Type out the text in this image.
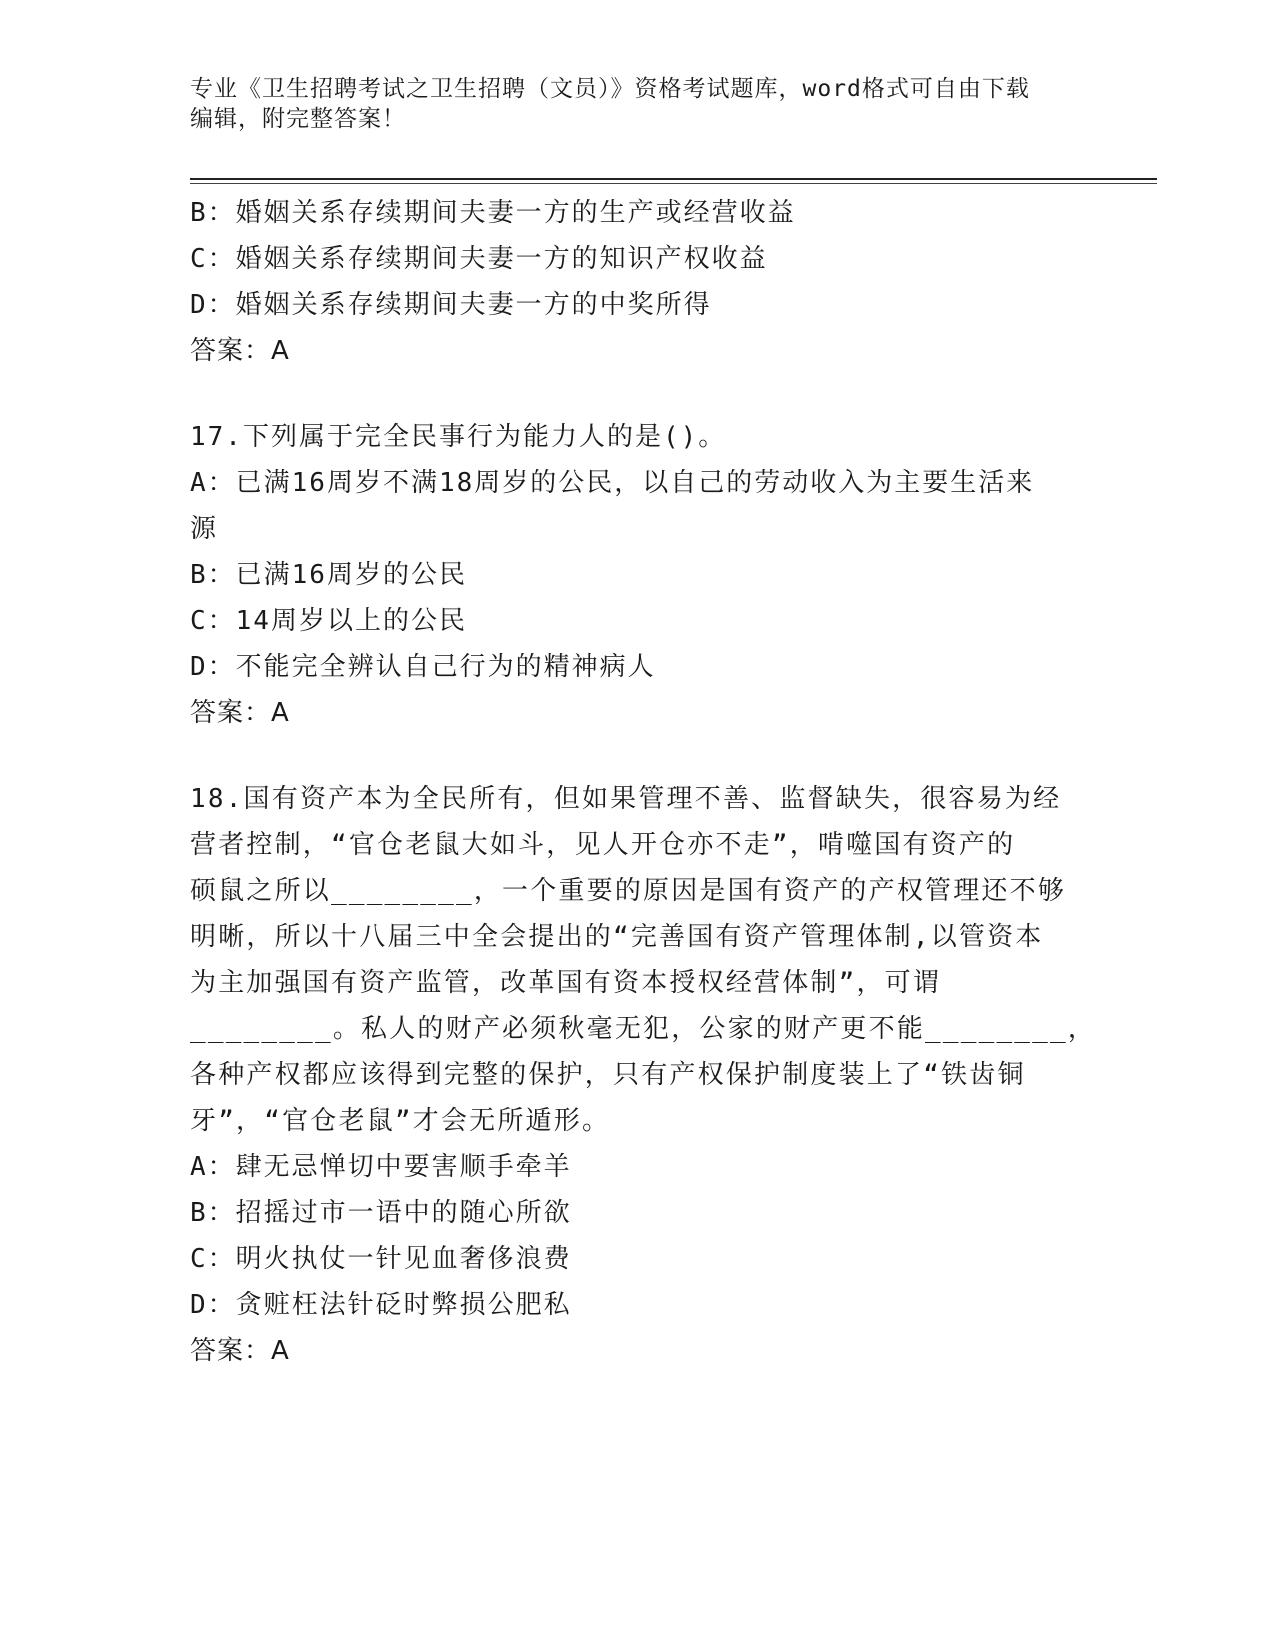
专业《卫生招聘考试之卫生招聘（文员）》资格考试题库，word格式可自由下载
编辑，附完整答案！
B：婚姻关系存续期间夫妻一方的生产或经营收益
C：婚姻关系存续期间夫妻一方的知识产权收益
D：婚姻关系存续期间夫妻一方的中奖所得
答案：A
17.下列属于完全民事行为能力人的是()。
A：已满16周岁不满18周岁的公民，以自己的劳动收入为主要生活来
源
B：已满16周岁的公民
C：14周岁以上的公民
D：不能完全辨认自己行为的精神病人
答案：A
18.国有资产本为全民所有，但如果管理不善、监督缺失，很容易为经
营者控制，“官仓老鼠大如斗，见人开仓亦不走”，啃噬国有资产的
硕鼠之所以________，一个重要的原因是国有资产的产权管理还不够
明晰，所以十八届三中全会提出的“完善国有资产管理体制,以管资本
为主加强国有资产监管，改革国有资本授权经营体制”，可谓
________。私人的财产必须秋毫无犯，公家的财产更不能________，
各种产权都应该得到完整的保护，只有产权保护制度装上了“铁齿铜
牙”，“官仓老鼠”才会无所遁形。
A：肆无忌惮切中要害顺手牵羊
B：招摇过市一语中的随心所欲
C：明火执仗一针见血奢侈浪费
D：贪赃枉法针砭时弊损公肥私
答案：A
